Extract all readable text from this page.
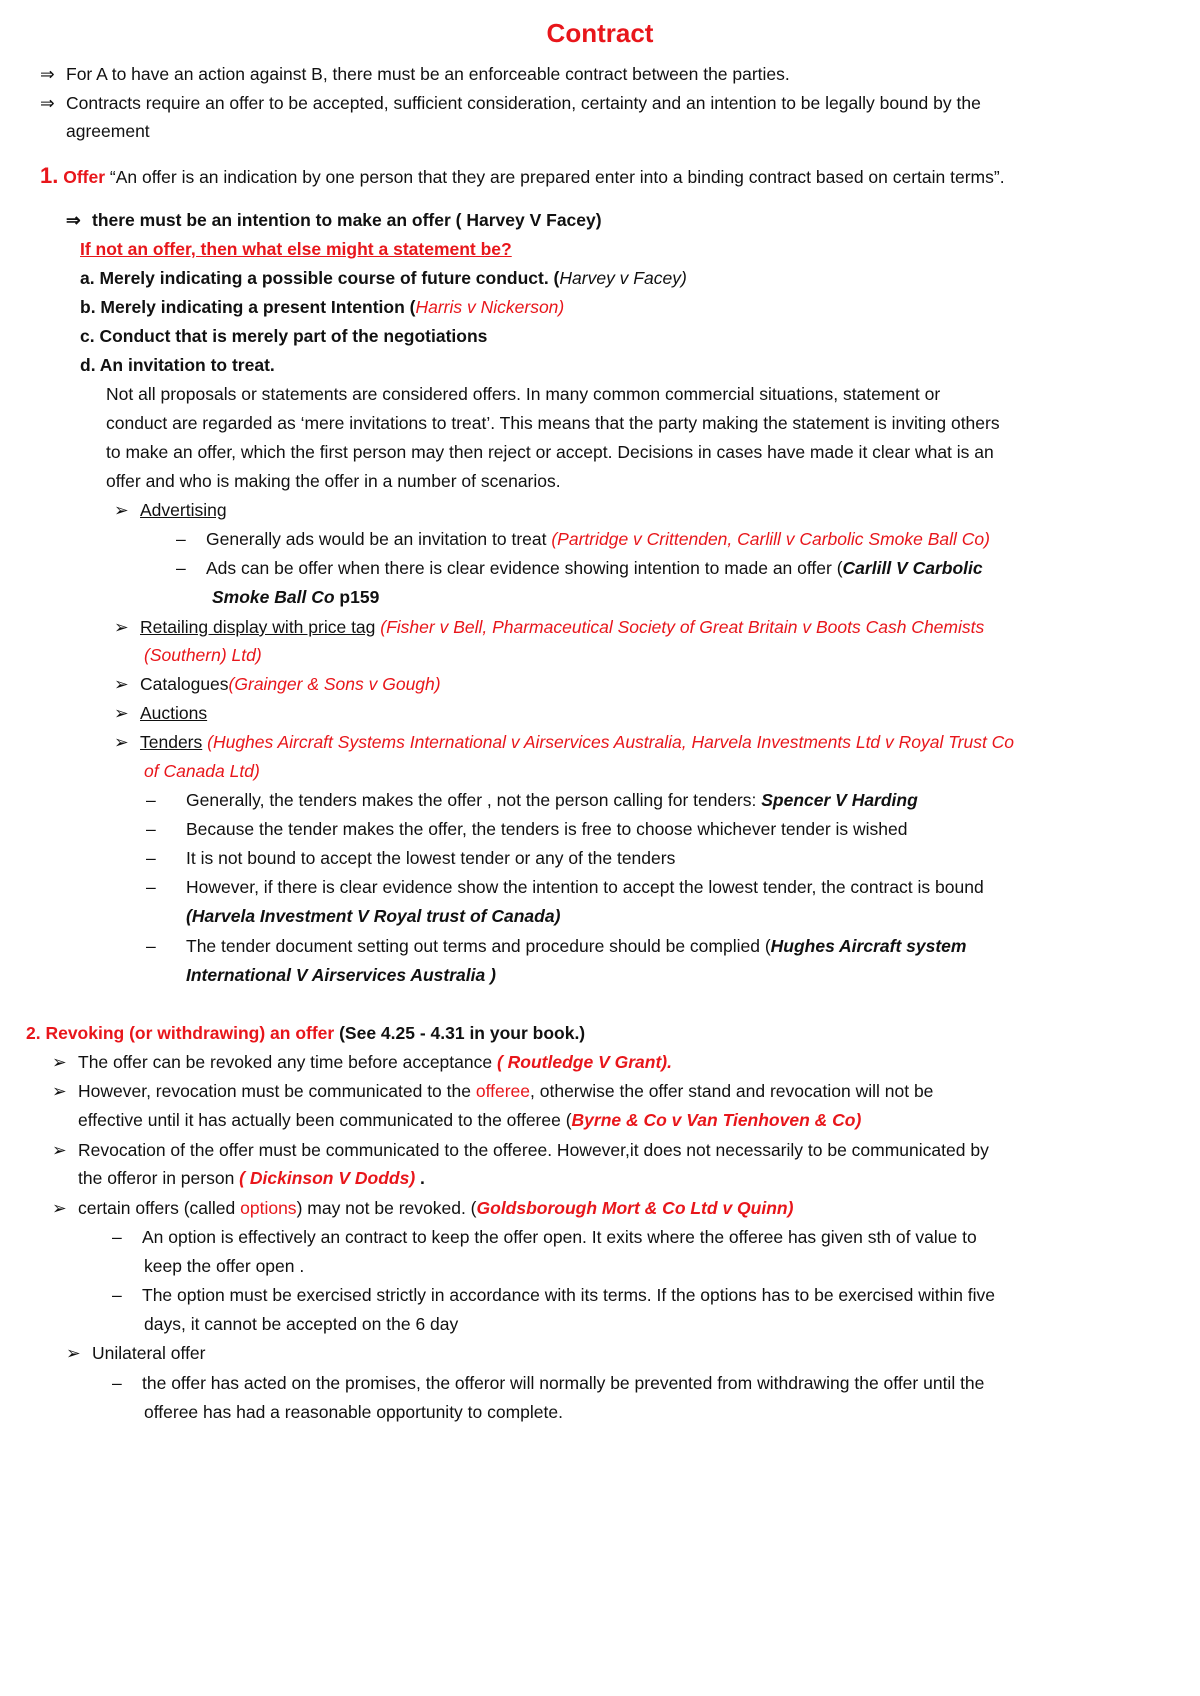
Contract
⇒ For A to have an action against B, there must be an enforceable contract between the parties.
⇒ Contracts require an offer to be accepted, sufficient consideration, certainty and an intention to be legally bound by the
agreement
1. Offer “An offer is an indication by one person that they are prepared enter into a binding contract based on certain terms”.
⇒ there must be an intention to make an offer ( Harvey V Facey)
If not an offer, then what else might a statement be?
a. Merely indicating a possible course of future conduct. (Harvey v Facey)
b. Merely indicating a present Intention (Harris v Nickerson)
c. Conduct that is merely part of the negotiations
d. An invitation to treat.
Not all proposals or statements are considered offers. In many common commercial situations, statement or
conduct are regarded as ‘mere invitations to treat’. This means that the party making the statement is inviting others
to make an offer, which the first person may then reject or accept. Decisions in cases have made it clear what is an
offer and who is making the offer in a number of scenarios.
➢ Advertising
– Generally ads would be an invitation to treat (Partridge v Crittenden, Carlill v Carbolic Smoke Ball Co)
– Ads can be offer when there is clear evidence showing intention to made an offer (Carlill V Carbolic
Smoke Ball Co p159
➢ Retailing display with price tag (Fisher v Bell, Pharmaceutical Society of Great Britain v Boots Cash Chemists
(Southern) Ltd)
➢ Catalogues(Grainger & Sons v Gough)
➢ Auctions
➢ Tenders (Hughes Aircraft Systems International v Airservices Australia, Harvela Investments Ltd v Royal Trust Co
of Canada Ltd)
– Generally, the tenders makes the offer , not the person calling for tenders: Spencer V Harding
– Because the tender makes the offer, the tenders is free to choose whichever tender is wished
– It is not bound to accept the lowest tender or any of the tenders
– However, if there is clear evidence show the intention to accept the lowest tender, the contract is bound
(Harvela Investment V Royal trust of Canada)
– The tender document setting out terms and procedure should be complied (Hughes Aircraft system
International V Airservices Australia )
2. Revoking (or withdrawing) an offer (See 4.25 - 4.31 in your book.)
➢ The offer can be revoked any time before acceptance ( Routledge V Grant).
➢ However, revocation must be communicated to the offeree, otherwise the offer stand and revocation will not be
effective until it has actually been communicated to the offeree (Byrne & Co v Van Tienhoven & Co)
➢ Revocation of the offer must be communicated to the offeree. However,it does not necessarily to be communicated by
the offeror in person ( Dickinson V Dodds) .
➢ certain offers (called options) may not be revoked. (Goldsborough Mort & Co Ltd v Quinn)
– An option is effectively an contract to keep the offer open. It exits where the offeree has given sth of value to
keep the offer open .
– The option must be exercised strictly in accordance with its terms. If the options has to be exercised within five
days, it cannot be accepted on the 6 day
➢ Unilateral offer
– the offer has acted on the promises, the offeror will normally be prevented from withdrawing the offer until the
offeree has had a reasonable opportunity to complete.
